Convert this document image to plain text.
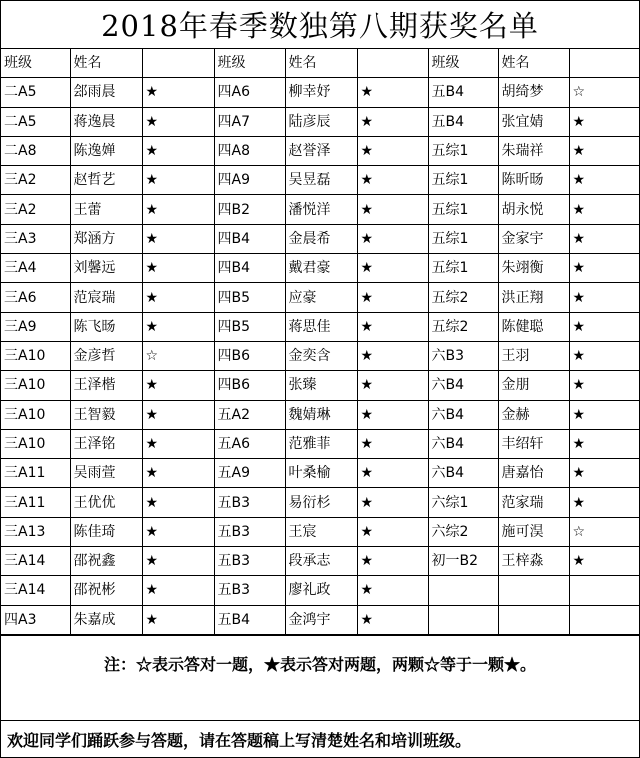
2018年春季数独第八期获奖名单
班级	姓名		班级	姓名		班级	姓名	
二A5	郐雨晨	★	四A6	柳幸妤	★	五B4	胡绮梦	☆
二A5	蒋逸晨	★	四A7	陆彦辰	★	五B4	张宜婧	★
二A8	陈逸婵	★	四A8	赵誉泽	★	五综1	朱瑞祥	★
三A2	赵哲艺	★	四A9	吴昱磊	★	五综1	陈昕旸	★
三A2	王蕾	★	四B2	潘悦洋	★	五综1	胡永悦	★
三A3	郑涵方	★	四B4	金晨希	★	五综1	金家宇	★
三A4	刘馨远	★	四B4	戴君豪	★	五综1	朱翊衡	★
三A6	范宸瑞	★	四B5	应豪	★	五综2	洪正翔	★
三A9	陈飞旸	★	四B5	蒋思佳	★	五综2	陈健聪	★
三A10	金彦哲	☆	四B6	金奕含	★	六B3	王羽	★
三A10	王泽楷	★	四B6	张臻	★	六B4	金朋	★
三A10	王智毅	★	五A2	魏婧琳	★	六B4	金赫	★
三A10	王泽铭	★	五A6	范雅菲	★	六B4	丰绍轩	★
三A11	吴雨萱	★	五A9	叶桑榆	★	六B4	唐嘉怡	★
三A11	王优优	★	五B3	易衍杉	★	六综1	范家瑞	★
三A13	陈佳琦	★	五B3	王宸	★	六综2	施可淏	☆
三A14	邵祝鑫	★	五B3	段承志	★	初一B2	王梓淼	★
三A14	邵祝彬	★	五B3	廖礼政	★			
四A3	朱嘉成	★	五B4	金鸿宇	★			
注：☆表示答对一题，★表示答对两题，两颗☆等于一颗★。
欢迎同学们踊跃参与答题，请在答题稿上写清楚姓名和培训班级。
